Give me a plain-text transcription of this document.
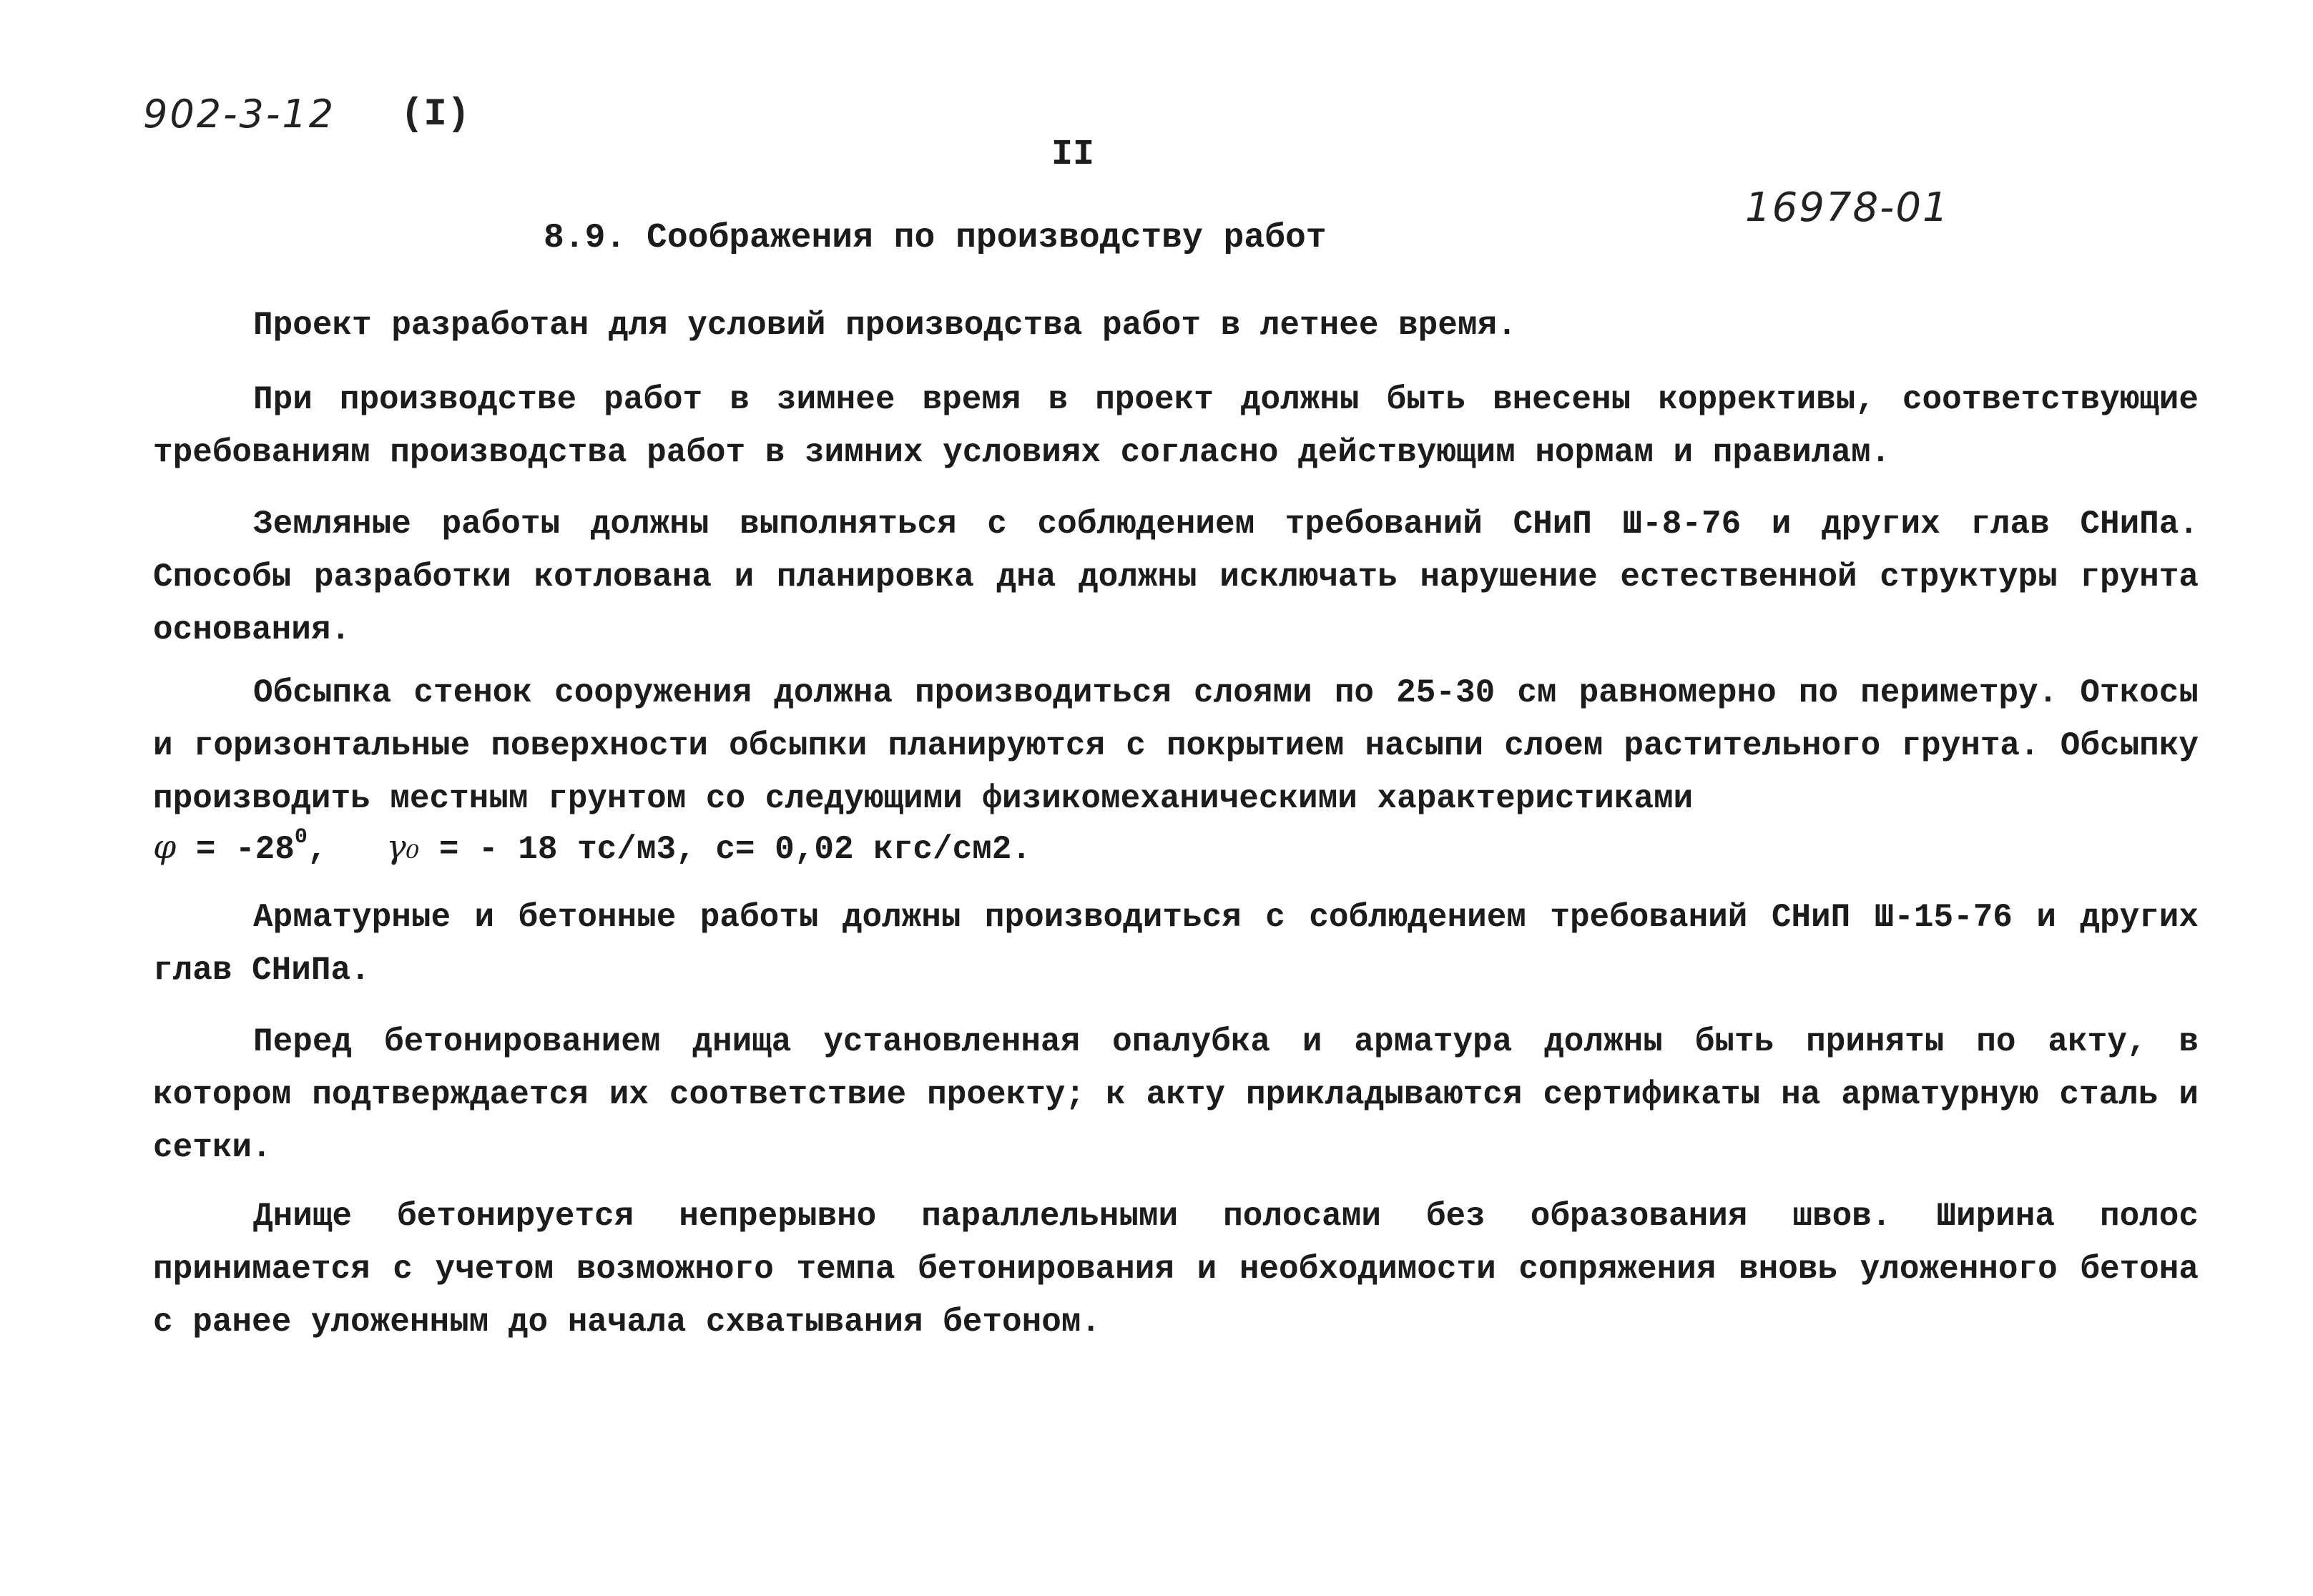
902-3-12 (I)
II
16978-01
8.9. Соображения по производству работ

Проект разработан для условий производства работ в летнее время.

При производстве работ в зимнее время в проект должны быть внесены коррективы, соответствующие требованиям производства работ в зимних условиях согласно действующим нормам и правилам.

Земляные работы должны выполняться с соблюдением требований СНиП Ш-8-76 и других глав СНиПа. Способы разработки котлована и планировка дна должны исключать нарушение естественной структуры грунта основания.

Обсыпка стенок сооружения должна производиться слоями по 25-30 см равномерно по периметру. Откосы и горизонтальные поверхности обсыпки планируются с покрытием насыпи слоем растительного грунта. Обсыпку производить местным грунтом со следующими физикомеханическими характеристиками

$\varphi = -28^0$,   γ₀ = - 18 тс/м3, c= 0,02 кгс/см2.

Арматурные и бетонные работы должны производиться с соблюдением требований СНиП Ш-15-76 и других глав СНиПа.

Перед бетонированием днища установленная опалубка и арматура должны быть приняты по акту, в котором подтверждается их соответствие проекту; к акту прикладываются сертификаты на арматурную сталь и сетки.

Днище бетонируется непрерывно параллельными полосами без образования швов. Ширина полос принимается с учетом возможного темпа бетонирования и необходимости сопряжения вновь уложенного бетона с ранее уложенным до начала схватывания бетоном.
